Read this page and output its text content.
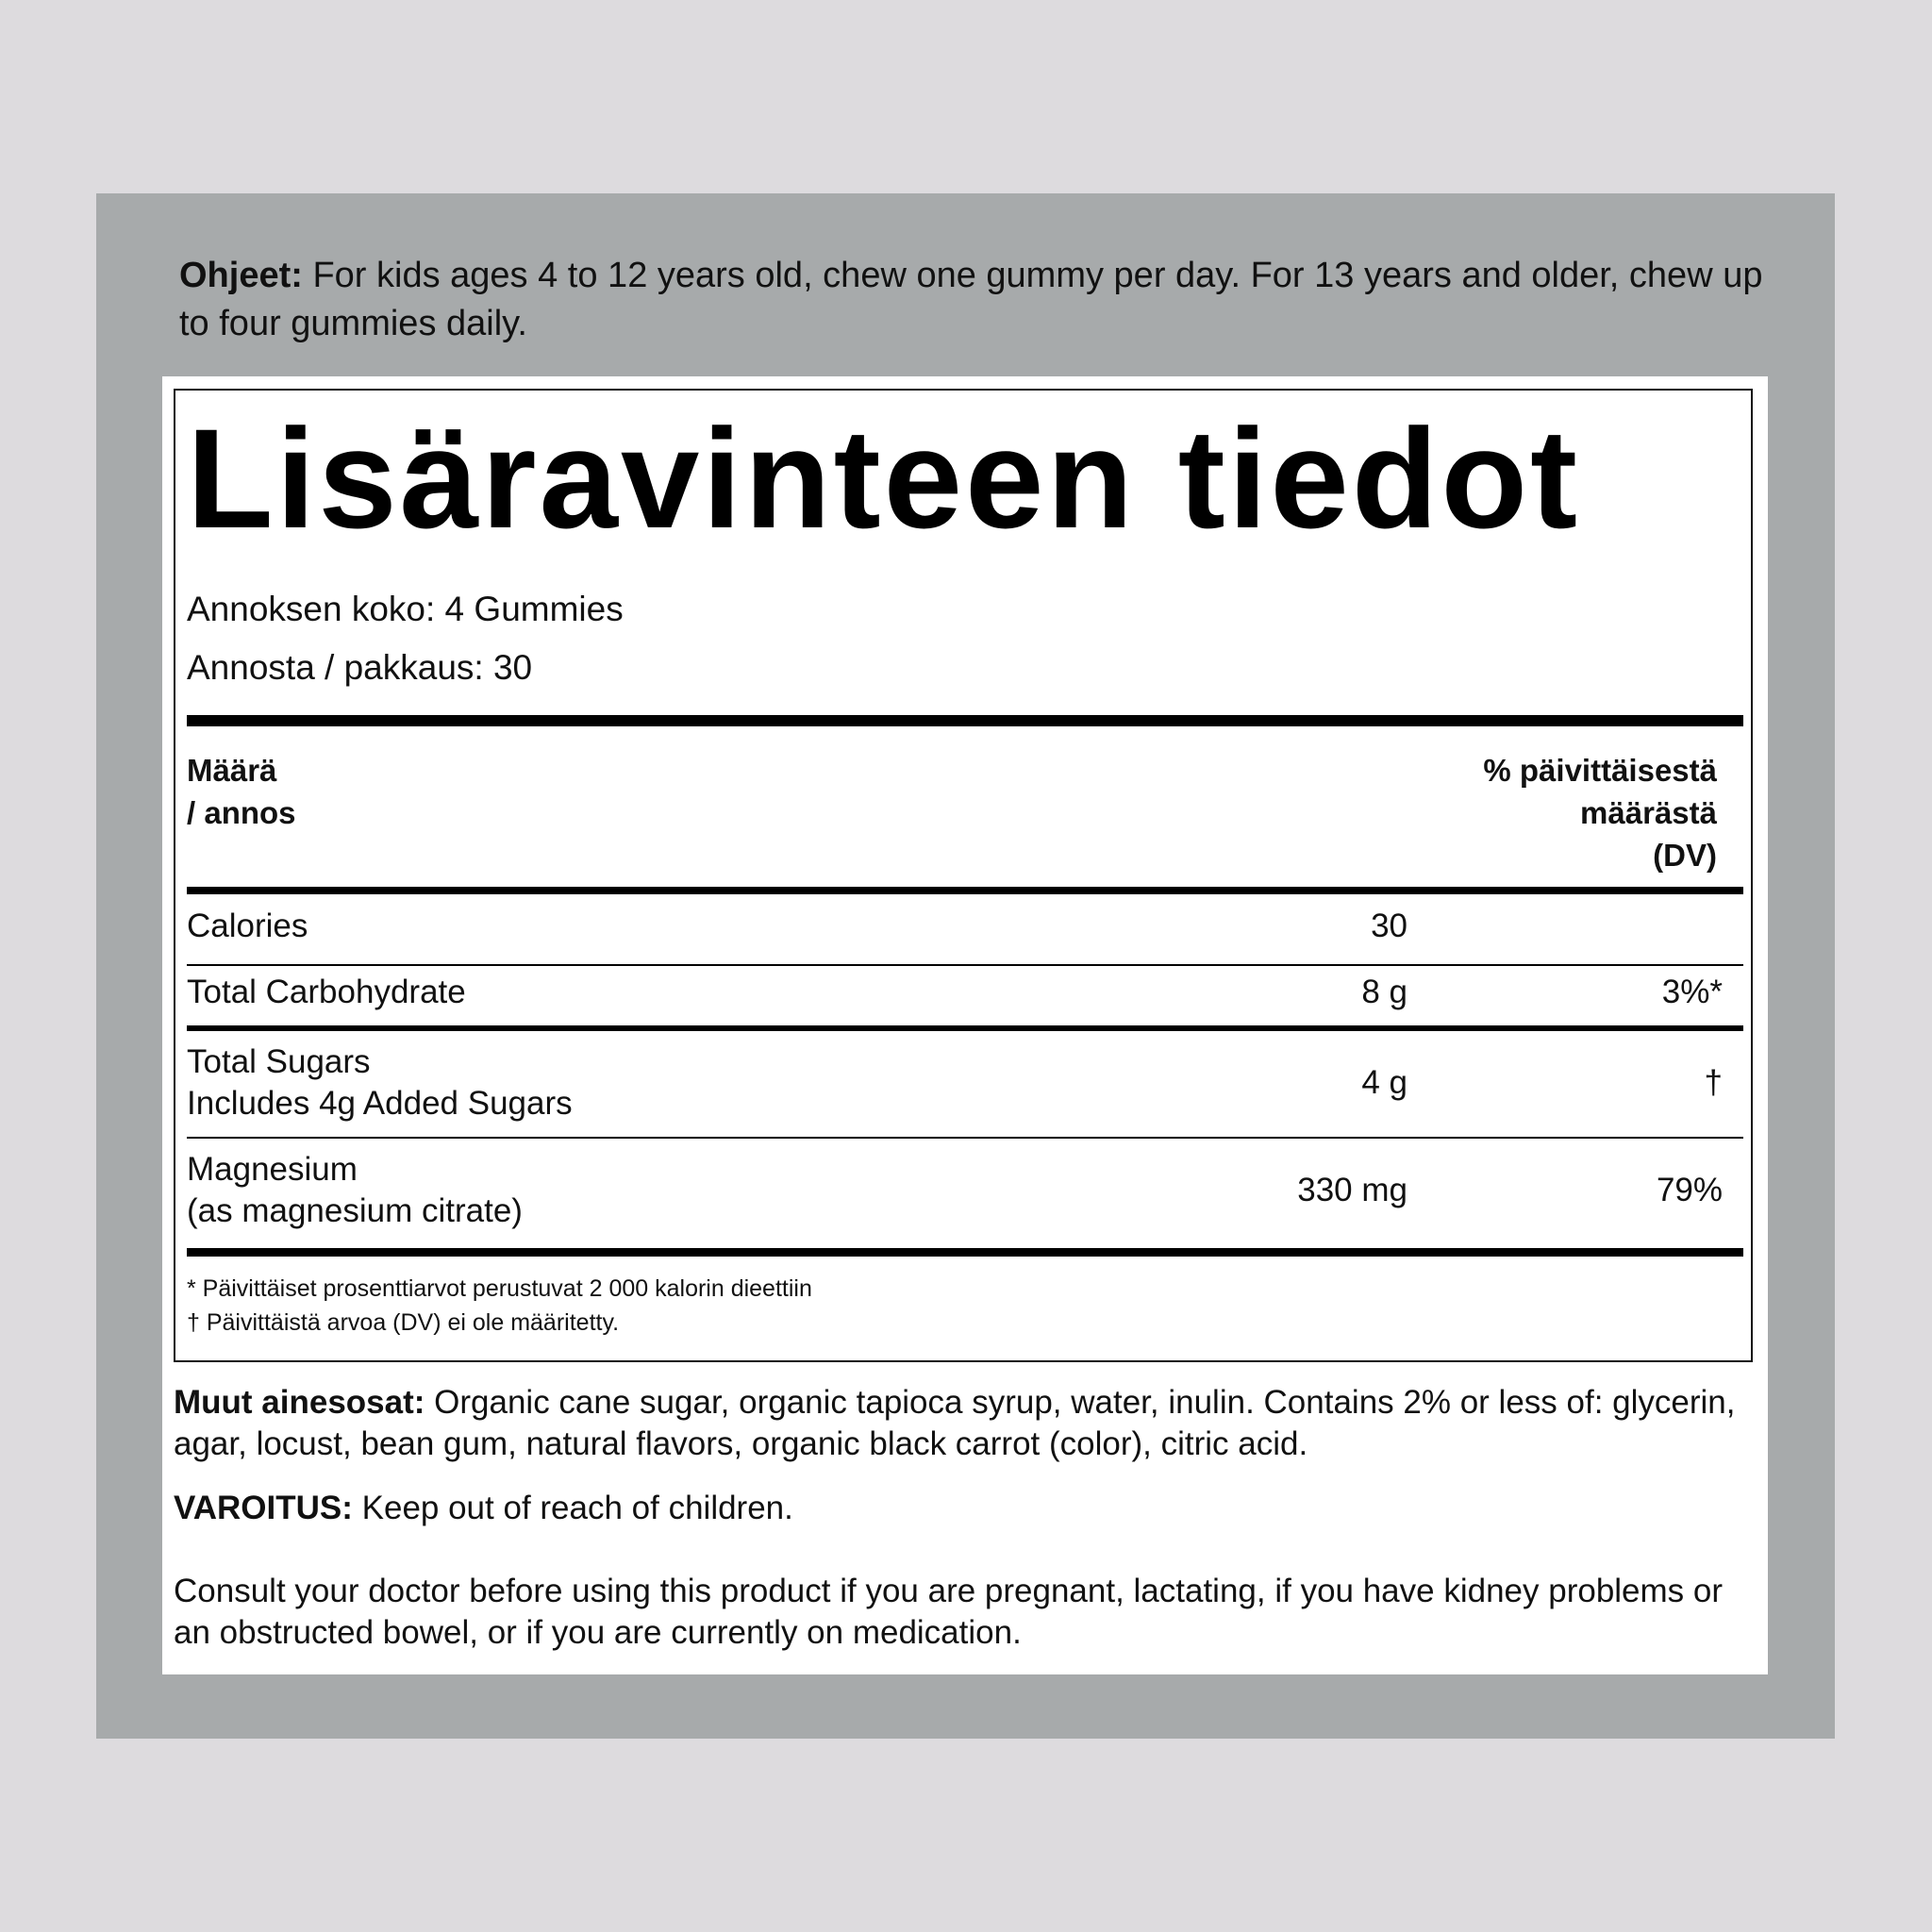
Ohjeet: For kids ages 4 to 12 years old, chew one gummy per day. For 13 years and older, chew up to four gummies daily.
Lisäravinteen tiedot
Annoksen koko: 4 Gummies
Annosta / pakkaus: 30
Määrä
/ annos
% päivittäisestä
määrästä
(DV)
Calories	30
Total Carbohydrate	8 g	3%*
Total Sugars
Includes 4g Added Sugars
4 g	†
Magnesium
(as magnesium citrate)
330 mg	79%
* Päivittäiset prosenttiarvot perustuvat 2 000 kalorin dieettiin
† Päivittäistä arvoa (DV) ei ole määritetty.
Muut ainesosat: Organic cane sugar, organic tapioca syrup, water, inulin. Contains 2% or less of: glycerin, agar, locust, bean gum, natural flavors, organic black carrot (color), citric acid.
VAROITUS: Keep out of reach of children.
Consult your doctor before using this product if you are pregnant, lactating, if you have kidney problems or an obstructed bowel, or if you are currently on medication.
